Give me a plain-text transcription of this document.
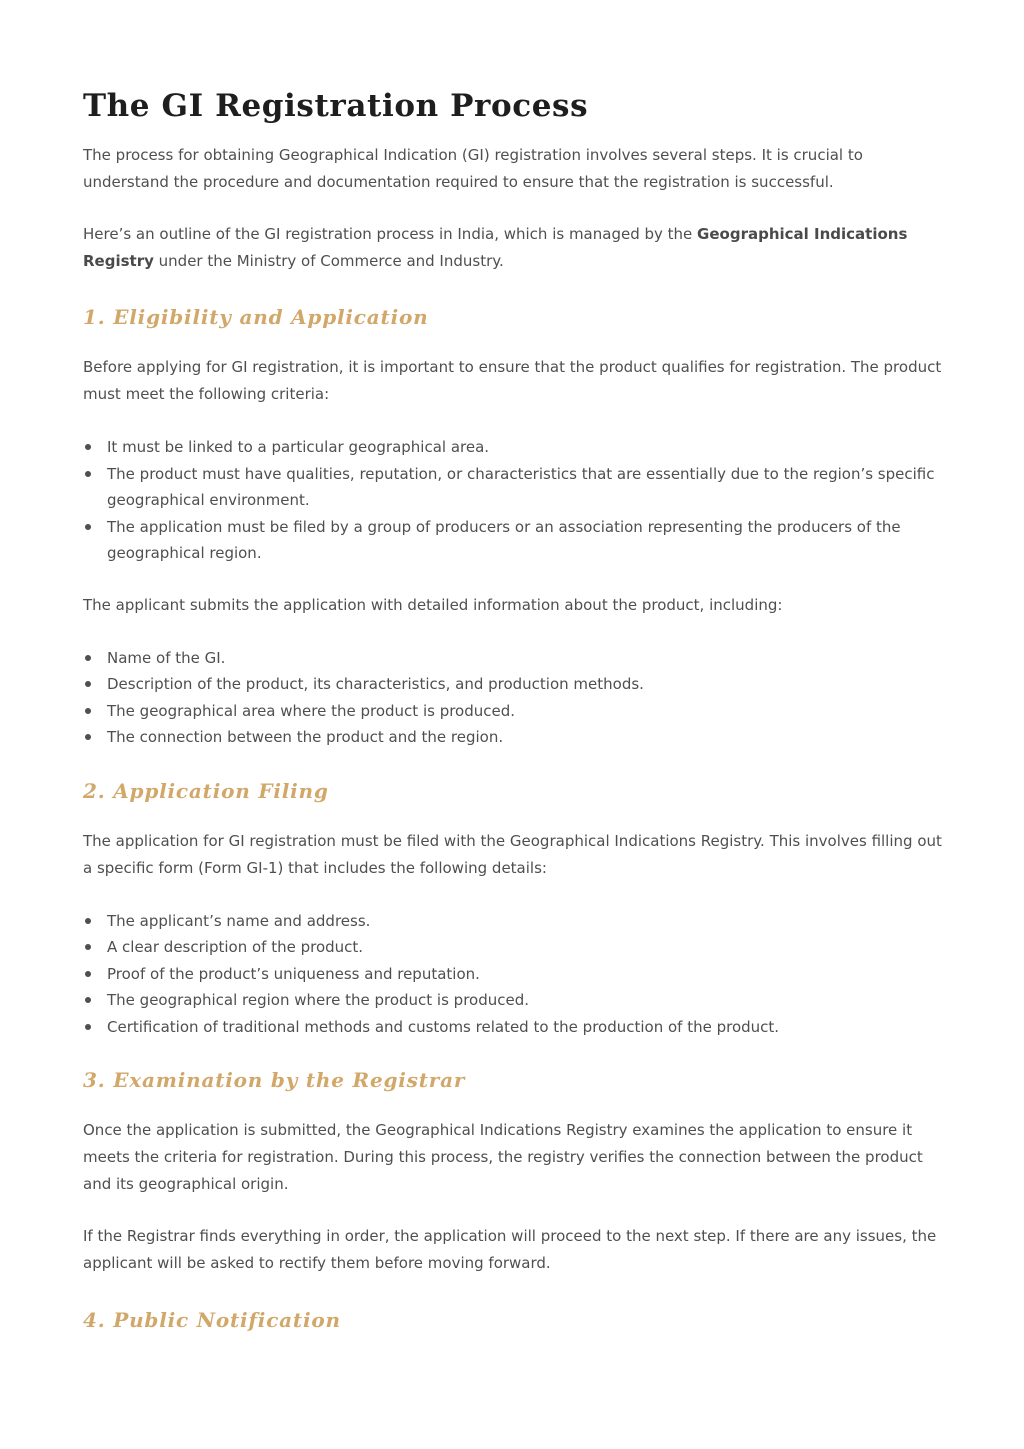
The GI Registration Process

The process for obtaining Geographical Indication (GI) registration involves several steps. It is crucial to understand the procedure and documentation required to ensure that the registration is successful.

Here’s an outline of the GI registration process in India, which is managed by the Geographical Indications Registry under the Ministry of Commerce and Industry.

1. Eligibility and Application

Before applying for GI registration, it is important to ensure that the product qualifies for registration. The product must meet the following criteria:

It must be linked to a particular geographical area.
The product must have qualities, reputation, or characteristics that are essentially due to the region’s specific geographical environment.
The application must be filed by a group of producers or an association representing the producers of the geographical region.

The applicant submits the application with detailed information about the product, including:

Name of the GI.
Description of the product, its characteristics, and production methods.
The geographical area where the product is produced.
The connection between the product and the region.
2. Application Filing

The application for GI registration must be filed with the Geographical Indications Registry. This involves filling out a specific form (Form GI-1) that includes the following details:

The applicant’s name and address.
A clear description of the product.
Proof of the product’s uniqueness and reputation.
The geographical region where the product is produced.
Certification of traditional methods and customs related to the production of the product.
3. Examination by the Registrar

Once the application is submitted, the Geographical Indications Registry examines the application to ensure it meets the criteria for registration. During this process, the registry verifies the connection between the product and its geographical origin.

If the Registrar finds everything in order, the application will proceed to the next step. If there are any issues, the applicant will be asked to rectify them before moving forward.

4. Public Notification
